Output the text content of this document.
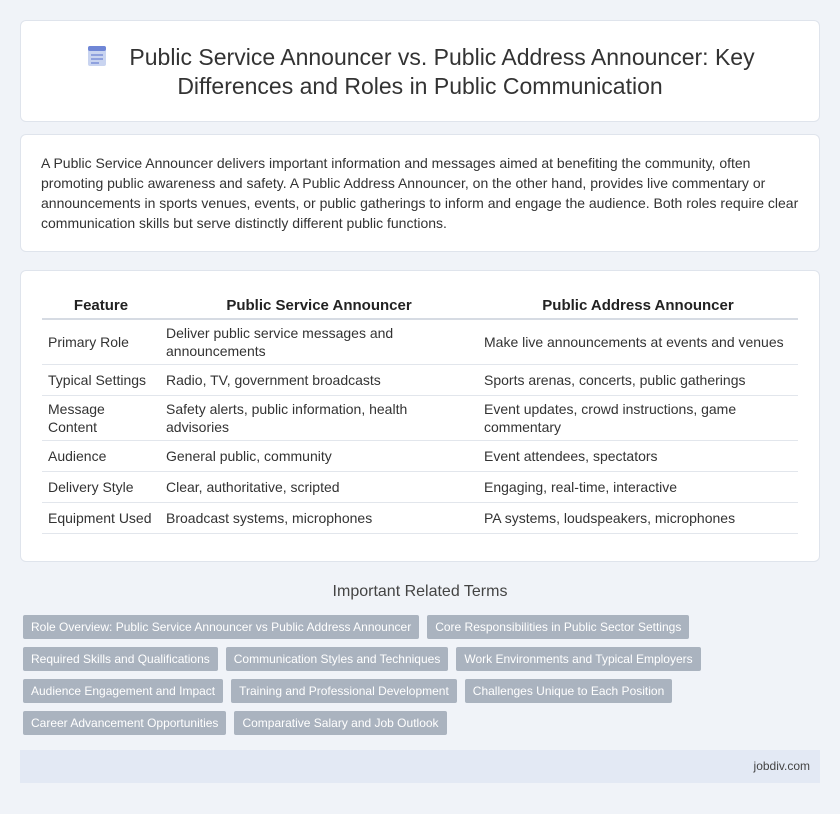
Public Service Announcer vs. Public Address Announcer: Key Differences and Roles in Public Communication

A Public Service Announcer delivers important information and messages aimed at benefiting the community, often promoting public awareness and safety. A Public Address Announcer, on the other hand, provides live commentary or announcements in sports venues, events, or public gatherings to inform and engage the audience. Both roles require clear communication skills but serve distinctly different public functions.

Feature	Public Service Announcer	Public Address Announcer
Primary Role	Deliver public service messages and announcements	Make live announcements at events and venues
Typical Settings	Radio, TV, government broadcasts	Sports arenas, concerts, public gatherings
Message Content	Safety alerts, public information, health advisories	Event updates, crowd instructions, game commentary
Audience	General public, community	Event attendees, spectators
Delivery Style	Clear, authoritative, scripted	Engaging, real-time, interactive
Equipment Used	Broadcast systems, microphones	PA systems, loudspeakers, microphones
Important Related Terms
Role Overview: Public Service Announcer vs Public Address Announcer	Core Responsibilities in Public Sector Settings
Required Skills and Qualifications	Communication Styles and Techniques	Work Environments and Typical Employers
Audience Engagement and Impact	Training and Professional Development	Challenges Unique to Each Position
Career Advancement Opportunities	Comparative Salary and Job Outlook
jobdiv.com
